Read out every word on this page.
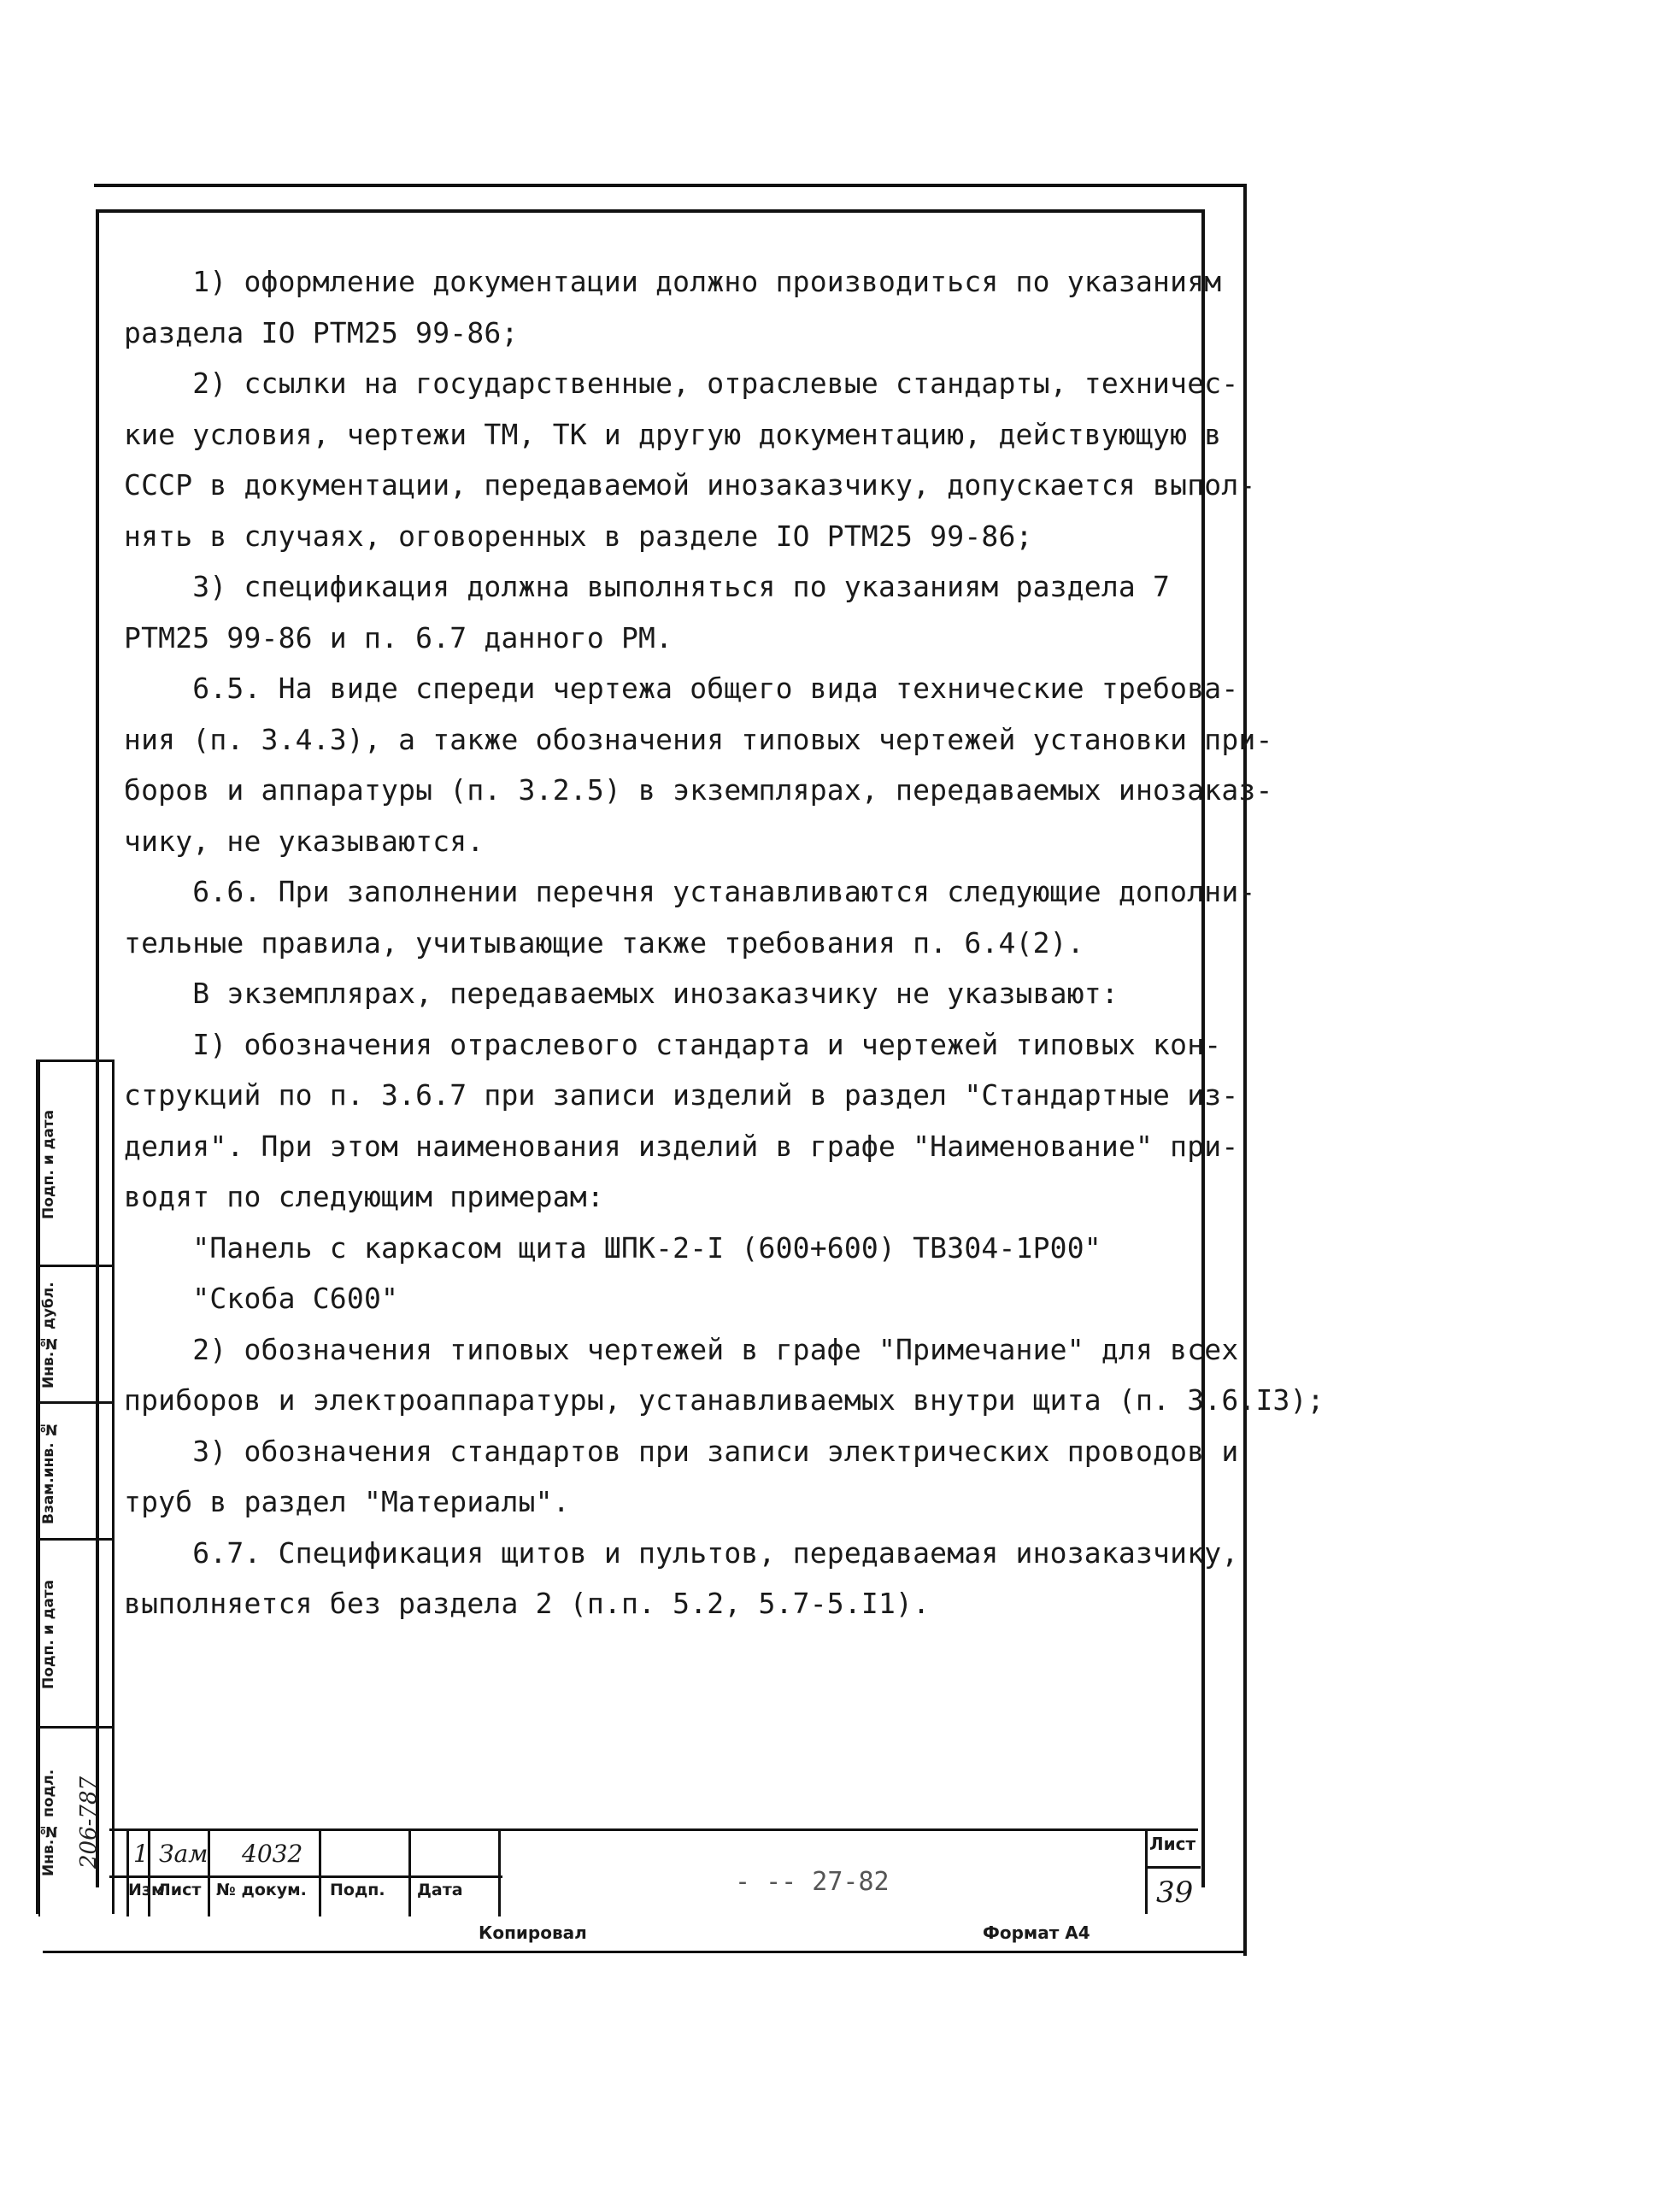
1) оформление документации должно производиться по указаниям
раздела IO РТМ25 99-86;
2) ссылки на государственные, отраслевые стандарты, техничес-
кие условия, чертежи ТМ, ТК и другую документацию, действующую в
СССР в документации, передаваемой инозаказчику, допускается выпол-
нять в случаях, оговоренных в разделе IO РТМ25 99-86;
3) спецификация должна выполняться по указаниям раздела 7
РТМ25 99-86 и п. 6.7 данного РМ.
6.5. На виде спереди чертежа общего вида технические требова-
ния (п. 3.4.3), а также обозначения типовых чертежей установки при-
боров и аппаратуры (п. 3.2.5) в экземплярах, передаваемых инозаказ-
чику, не указываются.
6.6. При заполнении перечня устанавливаются следующие дополни-
тельные правила, учитывающие также требования п. 6.4(2).
В экземплярах, передаваемых инозаказчику не указывают:
I) обозначения отраслевого стандарта и чертежей типовых кон-
струкций по п. 3.6.7 при записи изделий в раздел "Стандартные из-
делия". При этом наименования изделий в графе "Наименование" при-
водят по следующим примерам:
"Панель с каркасом щита ШПК-2-I (600+600) ТВ304-1Р00"
"Скоба С600"
2) обозначения типовых чертежей в графе "Примечание" для всех
приборов и электроаппаратуры, устанавливаемых внутри щита (п. 3.6.I3);
3) обозначения стандартов при записи электрических проводов и
труб в раздел "Материалы".
6.7. Спецификация щитов и пультов, передаваемая инозаказчику,
выполняется без раздела 2 (п.п. 5.2, 5.7-5.I1).
Инв.№ подл. 206-787
Подп. и дата
Взам.инв. №
Инв.№ дубл.
Подп. и дата
Изм
Лист № докум. Подп. Дата
1 Зам 4032
- -- 27-82
Лист
39
Копировал	Формат А4
